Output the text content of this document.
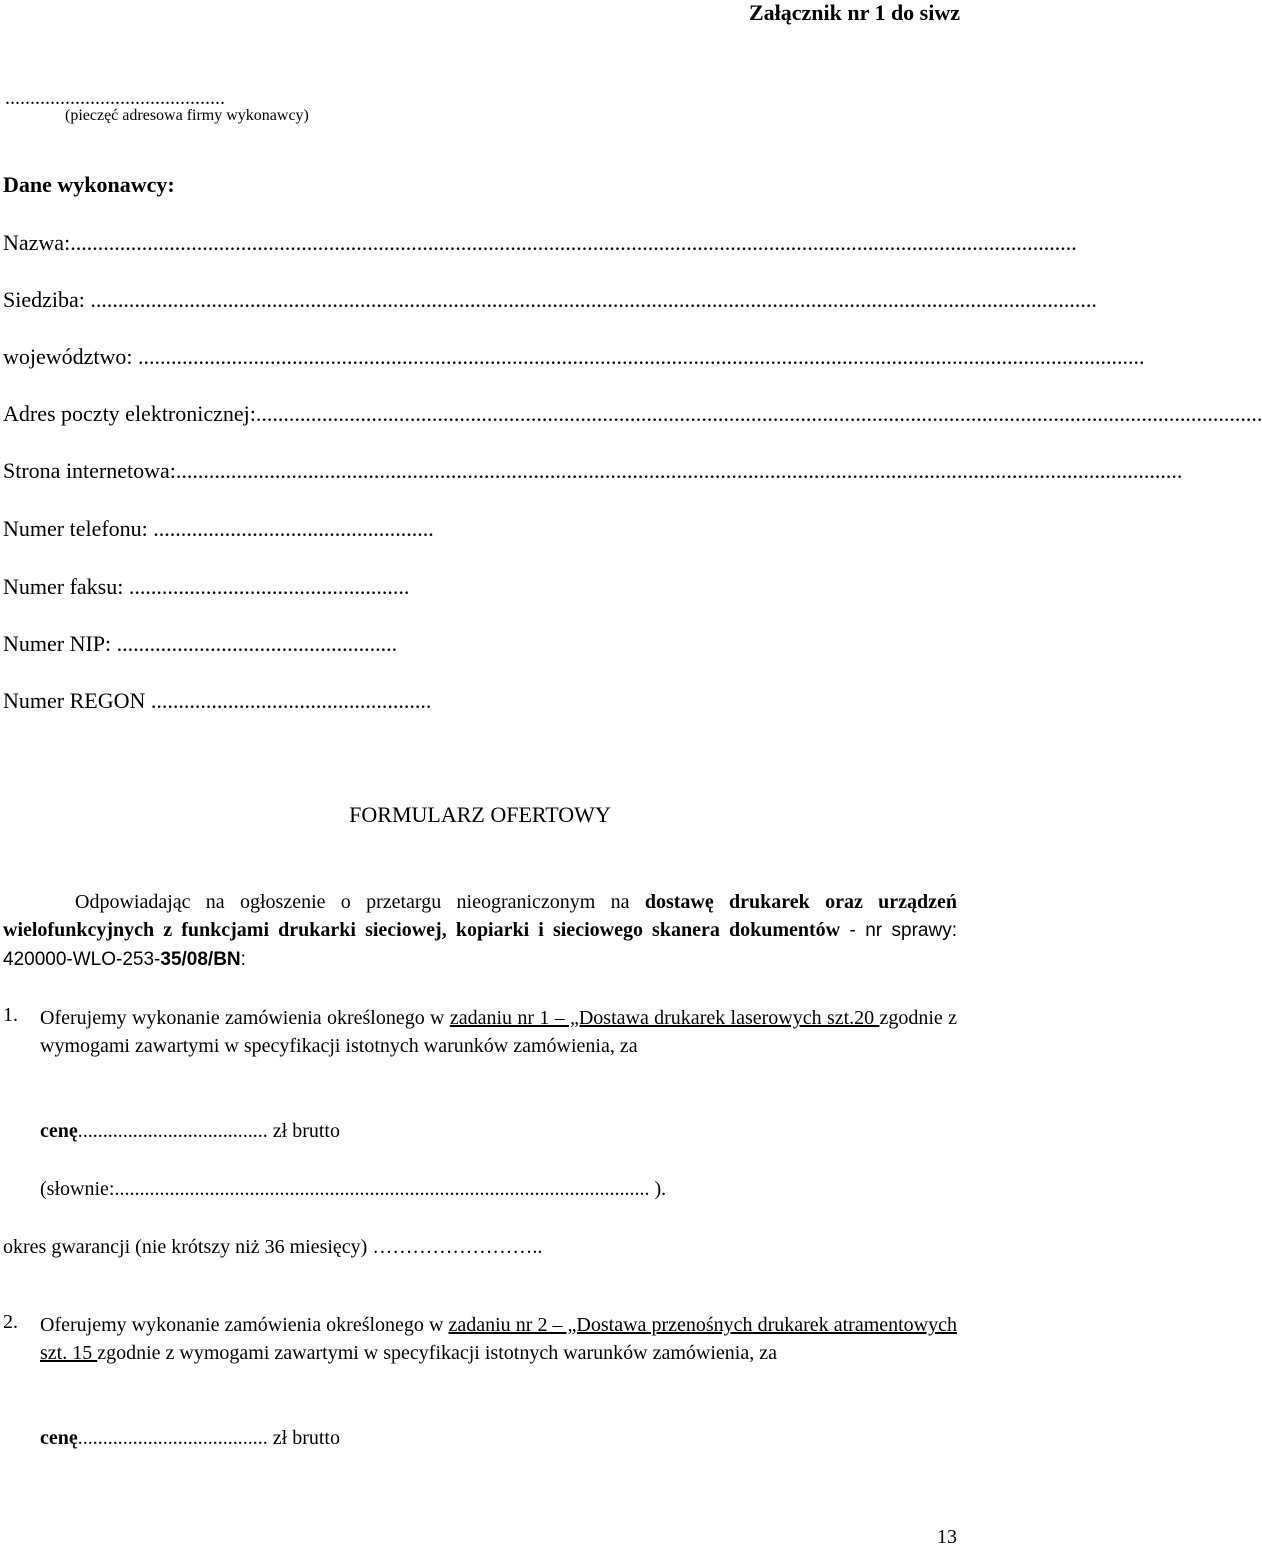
Załącznik nr 1 do siwz
............................................
(pieczęć adresowa firmy wykonawcy)
Dane wykonawcy:
Nazwa:.......................................................................................................................................................................................
Siedziba: .......................................................................................................................................................................................
województwo: .......................................................................................................................................................................................
Adres poczty elektronicznej:.......................................................................................................................................................................................
Strona internetowa:.......................................................................................................................................................................................
Numer telefonu: ...................................................
Numer faksu: ...................................................
Numer NIP: ...................................................
Numer REGON ...................................................
FORMULARZ OFERTOWY
Odpowiadając na ogłoszenie o przetargu nieograniczonym na dostawę drukarek oraz urządzeń wielofunkcyjnych z funkcjami drukarki sieciowej, kopiarki i sieciowego skanera dokumentów - nr sprawy: 420000-WLO-253-35/08/BN:
1. Oferujemy wykonanie zamówienia określonego w zadaniu nr 1 – „Dostawa drukarek laserowych szt.20 zgodnie z wymogami zawartymi w specyfikacji istotnych warunków zamówienia, za
cenę...................................... zł brutto
(słownie:........................................................................................................... ).
okres gwarancji (nie krótszy niż 36 miesięcy) ……………………..
2. Oferujemy wykonanie zamówienia określonego w zadaniu nr 2 – „Dostawa przenośnych drukarek atramentowych szt. 15 zgodnie z wymogami zawartymi w specyfikacji istotnych warunków zamówienia, za
cenę...................................... zł brutto
13
